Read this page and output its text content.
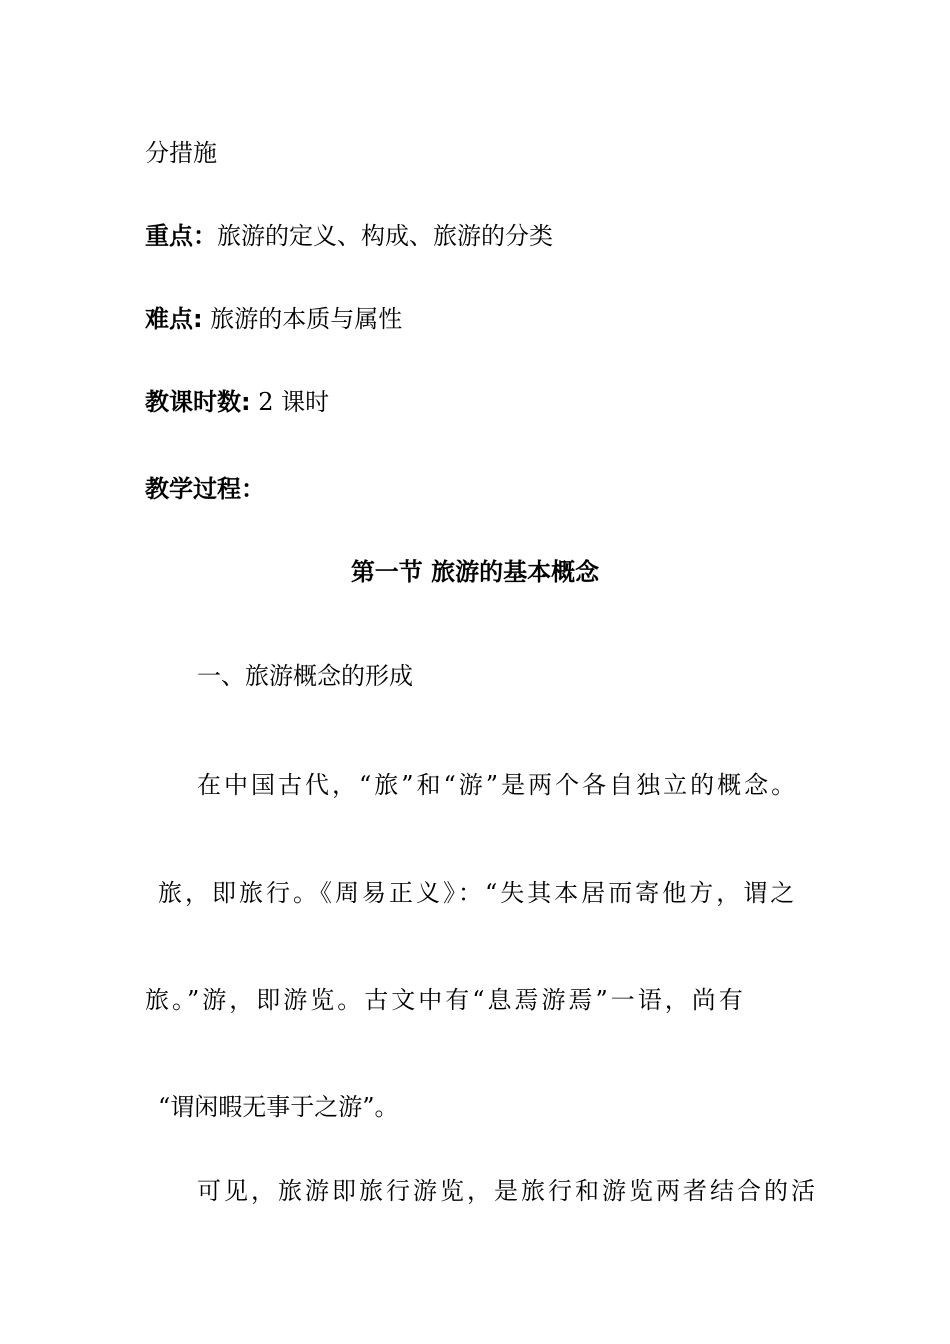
分措施
重点：旅游的定义、构成、旅游的分类
难点: 旅游的本质与属性
教课时数: 2 课时
教学过程：
第一节 旅游的基本概念
一、旅游概念的形成
在中国古代，“旅”和“游”是两个各自独立的概念。
旅，即旅行。《周易正义》：“失其本居而寄他方，谓之
旅。”游，即游览。古文中有“息焉游焉”一语，尚有
“谓闲暇无事于之游”。
可见，旅游即旅行游览，是旅行和游览两者结合的活
